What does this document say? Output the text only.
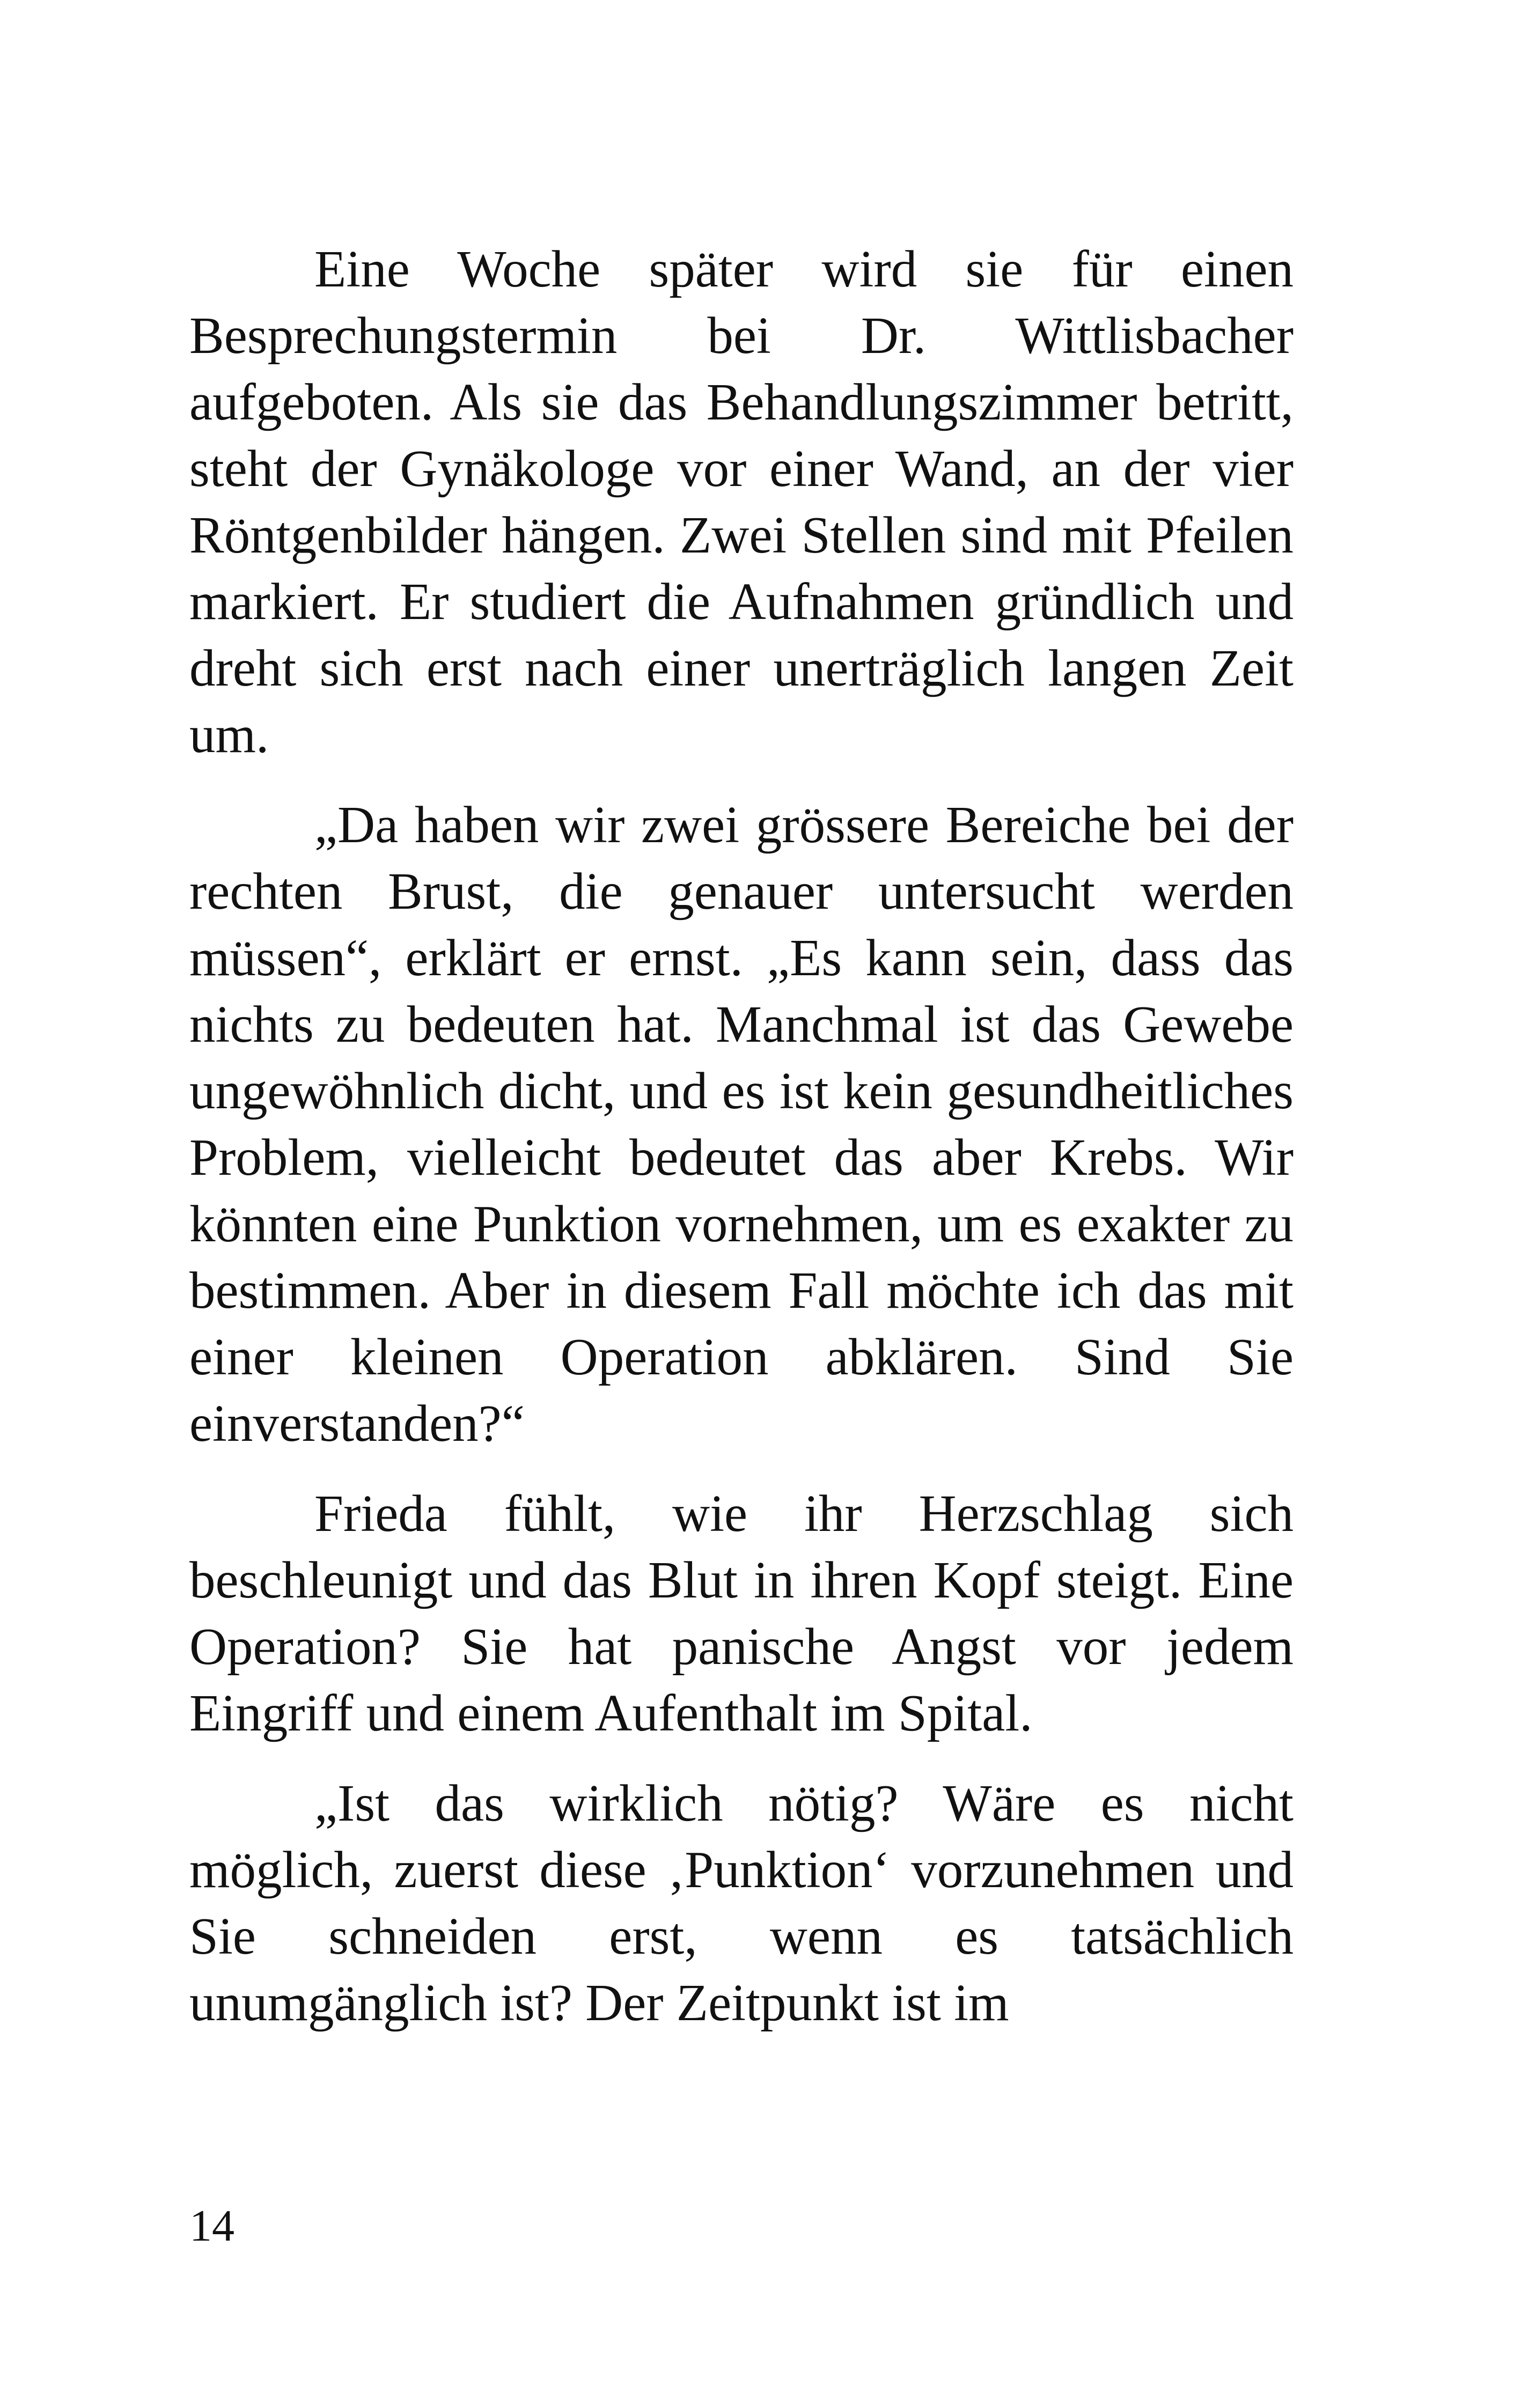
Eine Woche später wird sie für einen Besprechungstermin bei Dr. Wittlisbacher aufgeboten. Als sie das Behandlungszimmer betritt, steht der Gynäkologe vor einer Wand, an der vier Röntgenbilder hängen. Zwei Stellen sind mit Pfeilen markiert. Er studiert die Aufnahmen gründlich und dreht sich erst nach einer unerträglich langen Zeit um.

„Da haben wir zwei grössere Bereiche bei der rechten Brust, die genauer untersucht werden müssen“, erklärt er ernst. „Es kann sein, dass das nichts zu bedeuten hat. Manchmal ist das Gewebe ungewöhnlich dicht, und es ist kein gesundheitliches Problem, vielleicht bedeutet das aber Krebs. Wir könnten eine Punktion vornehmen, um es exakter zu bestimmen. Aber in diesem Fall möchte ich das mit einer kleinen Operation abklären. Sind Sie einverstanden?“

Frieda fühlt, wie ihr Herzschlag sich beschleunigt und das Blut in ihren Kopf steigt. Eine Operation? Sie hat panische Angst vor jedem Eingriff und einem Aufenthalt im Spital.

„Ist das wirklich nötig? Wäre es nicht möglich, zuerst diese ‚Punktion‘ vorzunehmen und Sie schneiden erst, wenn es tatsächlich unumgänglich ist? Der Zeitpunkt ist im

14
